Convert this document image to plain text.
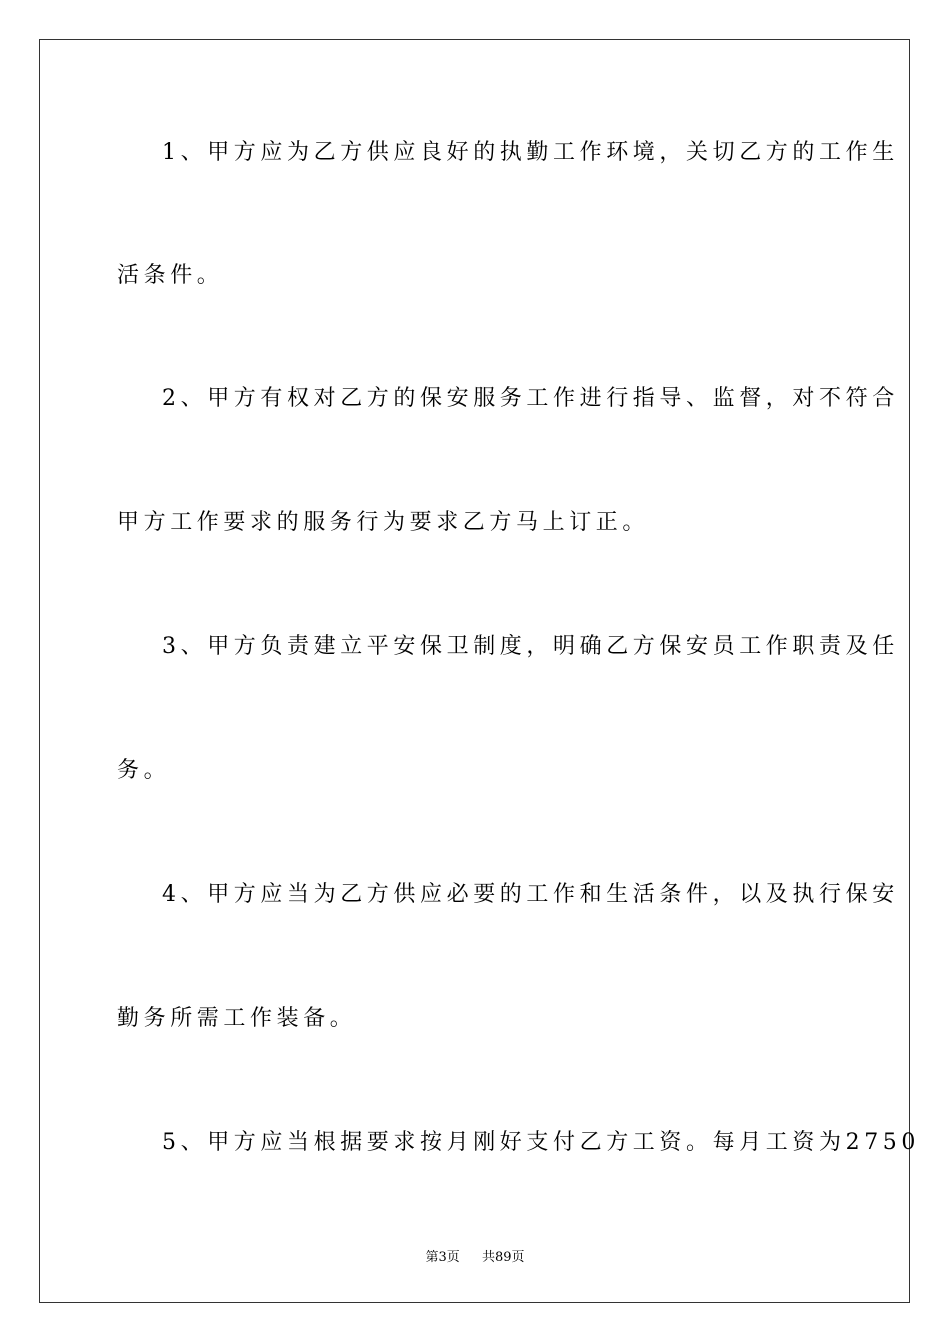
1、甲方应为乙方供应良好的执勤工作环境，关切乙方的工作生
活条件。
2、甲方有权对乙方的保安服务工作进行指导、监督，对不符合
甲方工作要求的服务行为要求乙方马上订正。
3、甲方负责建立平安保卫制度，明确乙方保安员工作职责及任
务。
4、甲方应当为乙方供应必要的工作和生活条件，以及执行保安
勤务所需工作装备。
5、甲方应当根据要求按月刚好支付乙方工资。每月工资为2750
第3页 共89页
